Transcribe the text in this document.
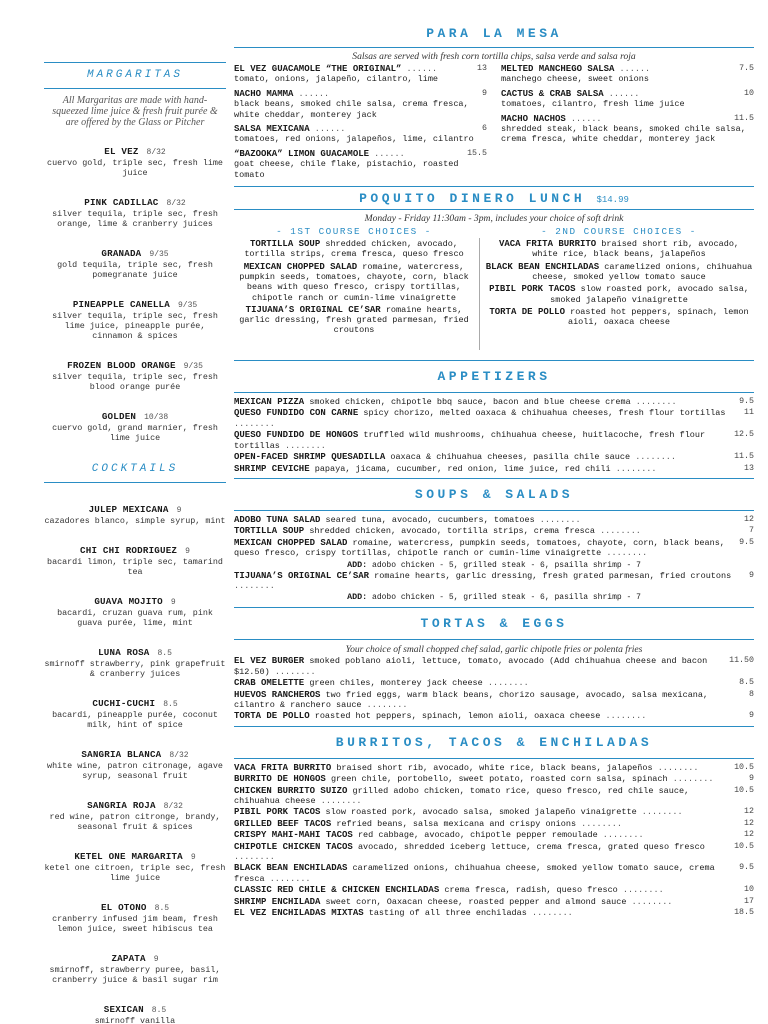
MARGARITAS
All Margaritas are made with hand-squeezed lime juice & fresh fruit purée & are offered by the Glass or Pitcher
EL VEZ 8/32
cuervo gold, triple sec, fresh lime juice
PINK CADILLAC 8/32
silver tequila, triple sec, fresh orange, lime & cranberry juices
GRANADA 9/35
gold tequila, triple sec, fresh pomegranate juice
PINEAPPLE CANELLA 9/35
silver tequila, triple sec, fresh lime juice, pineapple purée, cinnamon & spices
FROZEN BLOOD ORANGE 9/35
silver tequila, triple sec, fresh blood orange purée
GOLDEN 10/38
cuervo gold, grand marnier, fresh lime juice
COCKTAILS
JULEP MEXICANA 9
cazadores blanco, simple syrup, mint
CHI CHI RODRIGUEZ 9
bacardi limon, triple sec, tamarind tea
GUAVA MOJITO 9
bacardi, cruzan guava rum, pink guava purée, lime, mint
LUNA ROSA 8.5
smirnoff strawberry, pink grapefruit & cranberry juices
CUCHI-CUCHI 8.5
bacardi, pineapple purée, coconut milk, hint of spice
SANGRIA BLANCA 8/32
white wine, patron citronage, agave syrup, seasonal fruit
SANGRIA ROJA 8/32
red wine, patron citronge, brandy, seasonal fruit & spices
KETEL ONE MARGARITA 9
ketel one citroen, triple sec, fresh lime juice
EL OTONO 8.5
cranberry infused jim beam, fresh lemon juice, sweet hibiscus tea
ZAPATA 9
smirnoff, strawberry puree, basil, cranberry juice & basil sugar rim
SEXICAN 8.5
smirnoff vanilla
PARA LA MESA
Salsas are served with fresh corn tortilla chips, salsa verde and salsa roja
13
EL VEZ GUACAMOLE “THE ORIGINAL” ......
tomato, onions, jalapeño, cilantro, lime
9
NACHO MAMMA ......
black beans, smoked chile salsa, crema fresca, white cheddar, monterey jack
6
SALSA MEXICANA ......
tomatoes, red onions, jalapeños, lime, cilantro
15.5
“BAZOOKA” LIMON GUACAMOLE ......
goat cheese, chile flake, pistachio, roasted tomato
7.5
MELTED MANCHEGO SALSA ......
manchego cheese, sweet onions
10
CACTUS & CRAB SALSA ......
tomatoes, cilantro, fresh lime juice
11.5
MACHO NACHOS ......
shredded steak, black beans, smoked chile salsa, crema fresca, white cheddar, monterey jack
POQUITO DINERO LUNCH $14.99
Monday - Friday 11:30am - 3pm, includes your choice of soft drink
- 1ST COURSE CHOICES -
TORTILLA SOUP shredded chicken, avocado, tortilla strips, crema fresca, queso fresco
MEXICAN CHOPPED SALAD romaine, watercress, pumpkin seeds, tomatoes, chayote, corn, black beans with queso fresco, crispy tortillas, chipotle ranch or cumin-lime vinaigrette
TIJUANA’S ORIGINAL CE’SAR romaine hearts, garlic dressing, fresh grated parmesan, fried croutons
- 2ND COURSE CHOICES -
VACA FRITA BURRITO braised short rib, avocado, white rice, black beans, jalapeños
BLACK BEAN ENCHILADAS caramelized onions, chihuahua cheese, smoked yellow tomato sauce
PIBIL PORK TACOS slow roasted pork, avocado salsa, smoked jalapeño vinaigrette
TORTA DE POLLO roasted hot peppers, spinach, lemon aioli, oaxaca cheese
APPETIZERS
9.5
MEXICAN PIZZA smoked chicken, chipotle bbq sauce, bacon and blue cheese crema ........
11
QUESO FUNDIDO CON CARNE spicy chorizo, melted oaxaca & chihuahua cheeses, fresh flour tortillas ........
12.5
QUESO FUNDIDO DE HONGOS truffled wild mushrooms, chihuahua cheese, huitlacoche, fresh flour tortillas ........
11.5
OPEN-FACED SHRIMP QUESADILLA oaxaca & chihuahua cheeses, pasilla chile sauce ........
13
SHRIMP CEVICHE papaya, jicama, cucumber, red onion, lime juice, red chili ........
SOUPS & SALADS
12
ADOBO TUNA SALAD seared tuna, avocado, cucumbers, tomatoes ........
7
TORTILLA SOUP shredded chicken, avocado, tortilla strips, crema fresca ........
9.5
MEXICAN CHOPPED SALAD romaine, watercress, pumpkin seeds, tomatoes, chayote, corn, black beans, queso fresco, crispy tortillas, chipotle ranch or cumin-lime vinaigrette ........
ADD: adobo chicken - 5, grilled steak - 6, psailla shrimp - 7
9
TIJUANA’S ORIGINAL CE’SAR romaine hearts, garlic dressing, fresh grated parmesan, fried croutons ........
ADD: adobo chicken - 5, grilled steak - 6, pasilla shrimp - 7
TORTAS & EGGS
Your choice of small chopped chef salad, garlic chipotle fries or polenta fries
11.50
EL VEZ BURGER smoked poblano aioli, lettuce, tomato, avocado (Add chihuahua cheese and bacon $12.50) ........
8.5
CRAB OMELETTE green chiles, monterey jack cheese ........
8
HUEVOS RANCHEROS two fried eggs, warm black beans, chorizo sausage, avocado, salsa mexicana, cilantro & ranchero sauce ........
9
TORTA DE POLLO roasted hot peppers, spinach, lemon aioli, oaxaca cheese ........
BURRITOS, TACOS & ENCHILADAS
10.5
VACA FRITA BURRITO braised short rib, avocado, white rice, black beans, jalapeños ........
9
BURRITO DE HONGOS green chile, portobello, sweet potato, roasted corn salsa, spinach ........
10.5
CHICKEN BURRITO SUIZO grilled adobo chicken, tomato rice, queso fresco, red chile sauce, chihuahua cheese ........
12
PIBIL PORK TACOS slow roasted pork, avocado salsa, smoked jalapeño vinaigrette ........
12
GRILLED BEEF TACOS refried beans, salsa mexicana and crispy onions ........
12
CRISPY MAHI-MAHI TACOS red cabbage, avocado, chipotle pepper remoulade ........
10.5
CHIPOTLE CHICKEN TACOS avocado, shredded iceberg lettuce, crema fresca, grated queso fresco ........
9.5
BLACK BEAN ENCHILADAS caramelized onions, chihuahua cheese, smoked yellow tomato sauce, crema fresca ........
10
CLASSIC RED CHILE & CHICKEN ENCHILADAS crema fresca, radish, queso fresco ........
17
SHRIMP ENCHILADA sweet corn, Oaxacan cheese, roasted pepper and almond sauce ........
18.5
EL VEZ ENCHILADAS MIXTAS tasting of all three enchiladas ........
